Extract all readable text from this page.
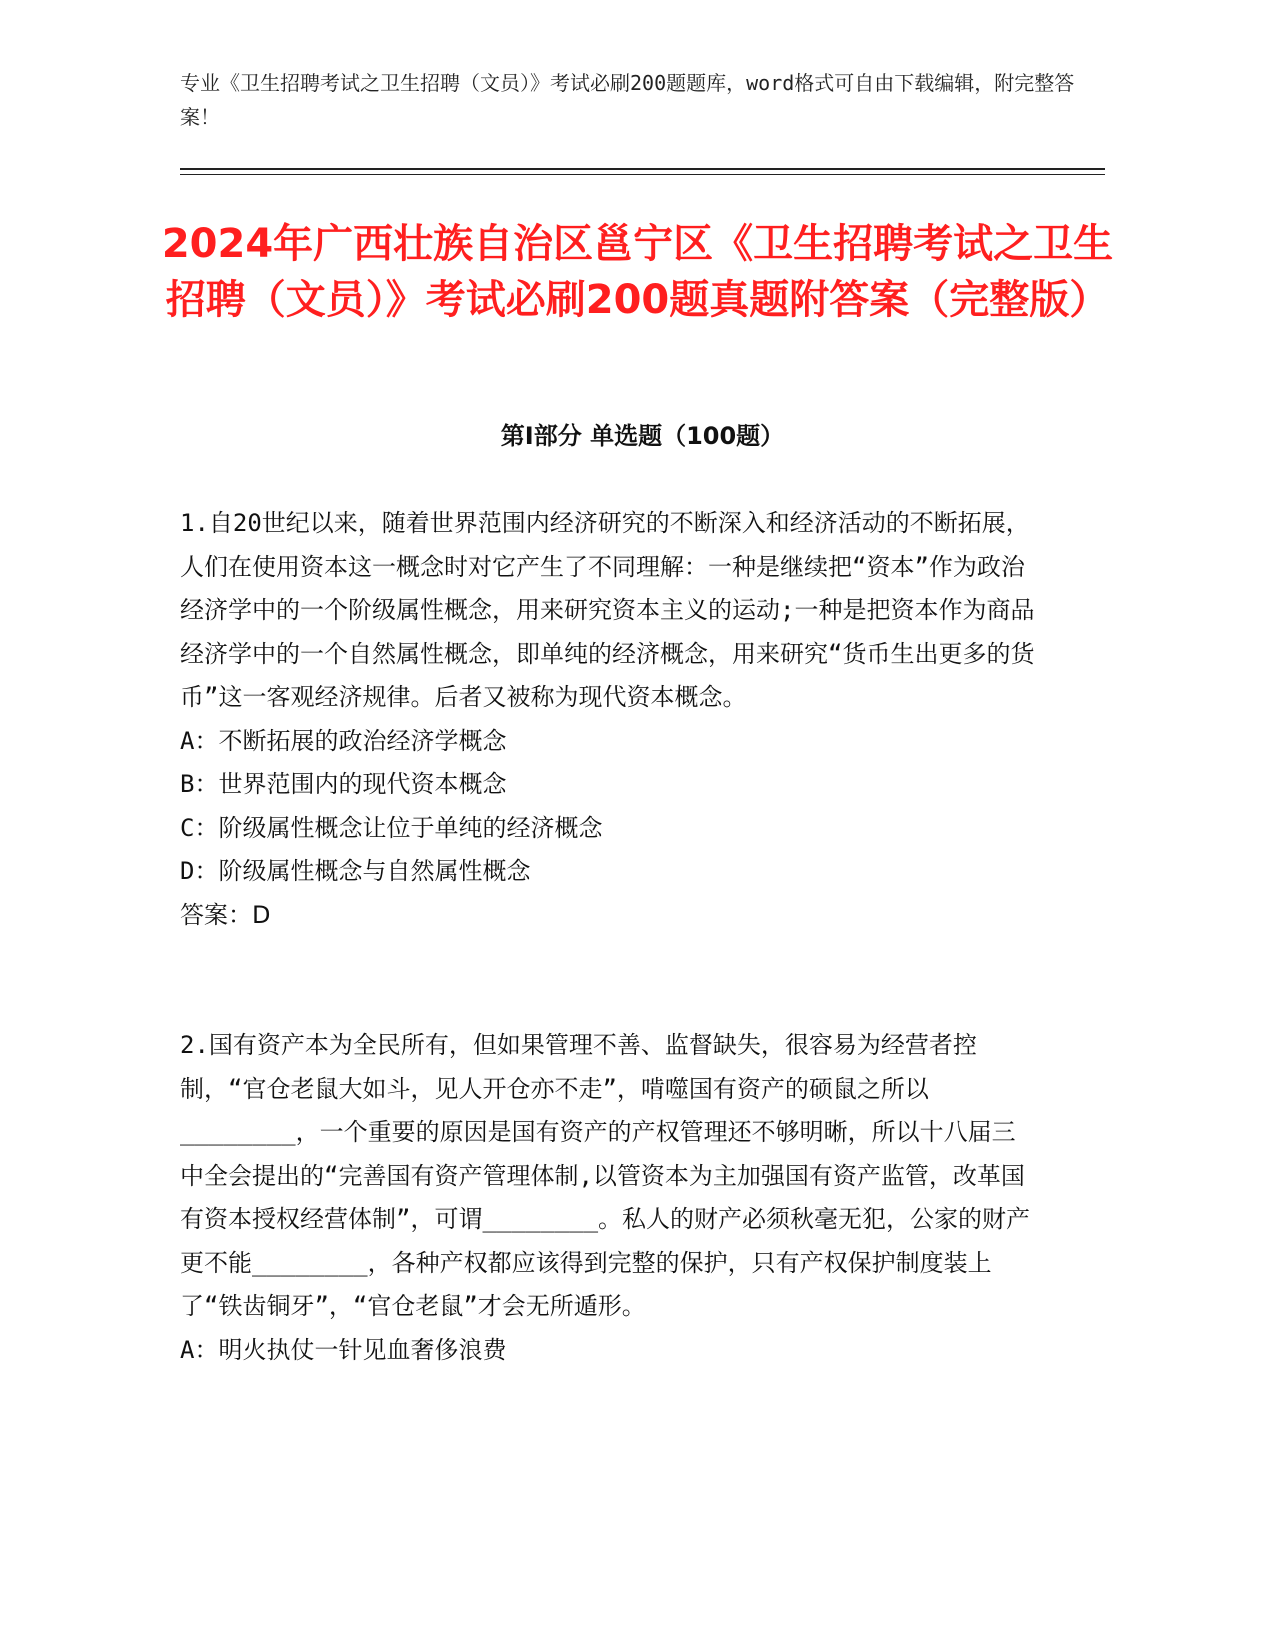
专业《卫生招聘考试之卫生招聘（文员）》考试必刷200题题库，word格式可自由下载编辑，附完整答案！
2024年广西壮族自治区邕宁区《卫生招聘考试之卫生招聘（文员）》考试必刷200题真题附答案（完整版）
第Ⅰ部分 单选题（100题）

1.自20世纪以来，随着世界范围内经济研究的不断深入和经济活动的不断拓展，人们在使用资本这一概念时对它产生了不同理解：一种是继续把“资本”作为政治经济学中的一个阶级属性概念，用来研究资本主义的运动;一种是把资本作为商品经济学中的一个自然属性概念，即单纯的经济概念，用来研究“货币生出更多的货币”这一客观经济规律。后者又被称为现代资本概念。

A：不断拓展的政治经济学概念

B：世界范围内的现代资本概念

C：阶级属性概念让位于单纯的经济概念

D：阶级属性概念与自然属性概念

答案：D

2.国有资产本为全民所有，但如果管理不善、监督缺失，很容易为经营者控制，“官仓老鼠大如斗，见人开仓亦不走”，啃噬国有资产的硕鼠之所以________，一个重要的原因是国有资产的产权管理还不够明晰，所以十八届三中全会提出的“完善国有资产管理体制,以管资本为主加强国有资产监管，改革国有资本授权经营体制”，可谓________。私人的财产必须秋毫无犯，公家的财产更不能________，各种产权都应该得到完整的保护，只有产权保护制度装上了“铁齿铜牙”，“官仓老鼠”才会无所遁形。

A：明火执仗一针见血奢侈浪费
